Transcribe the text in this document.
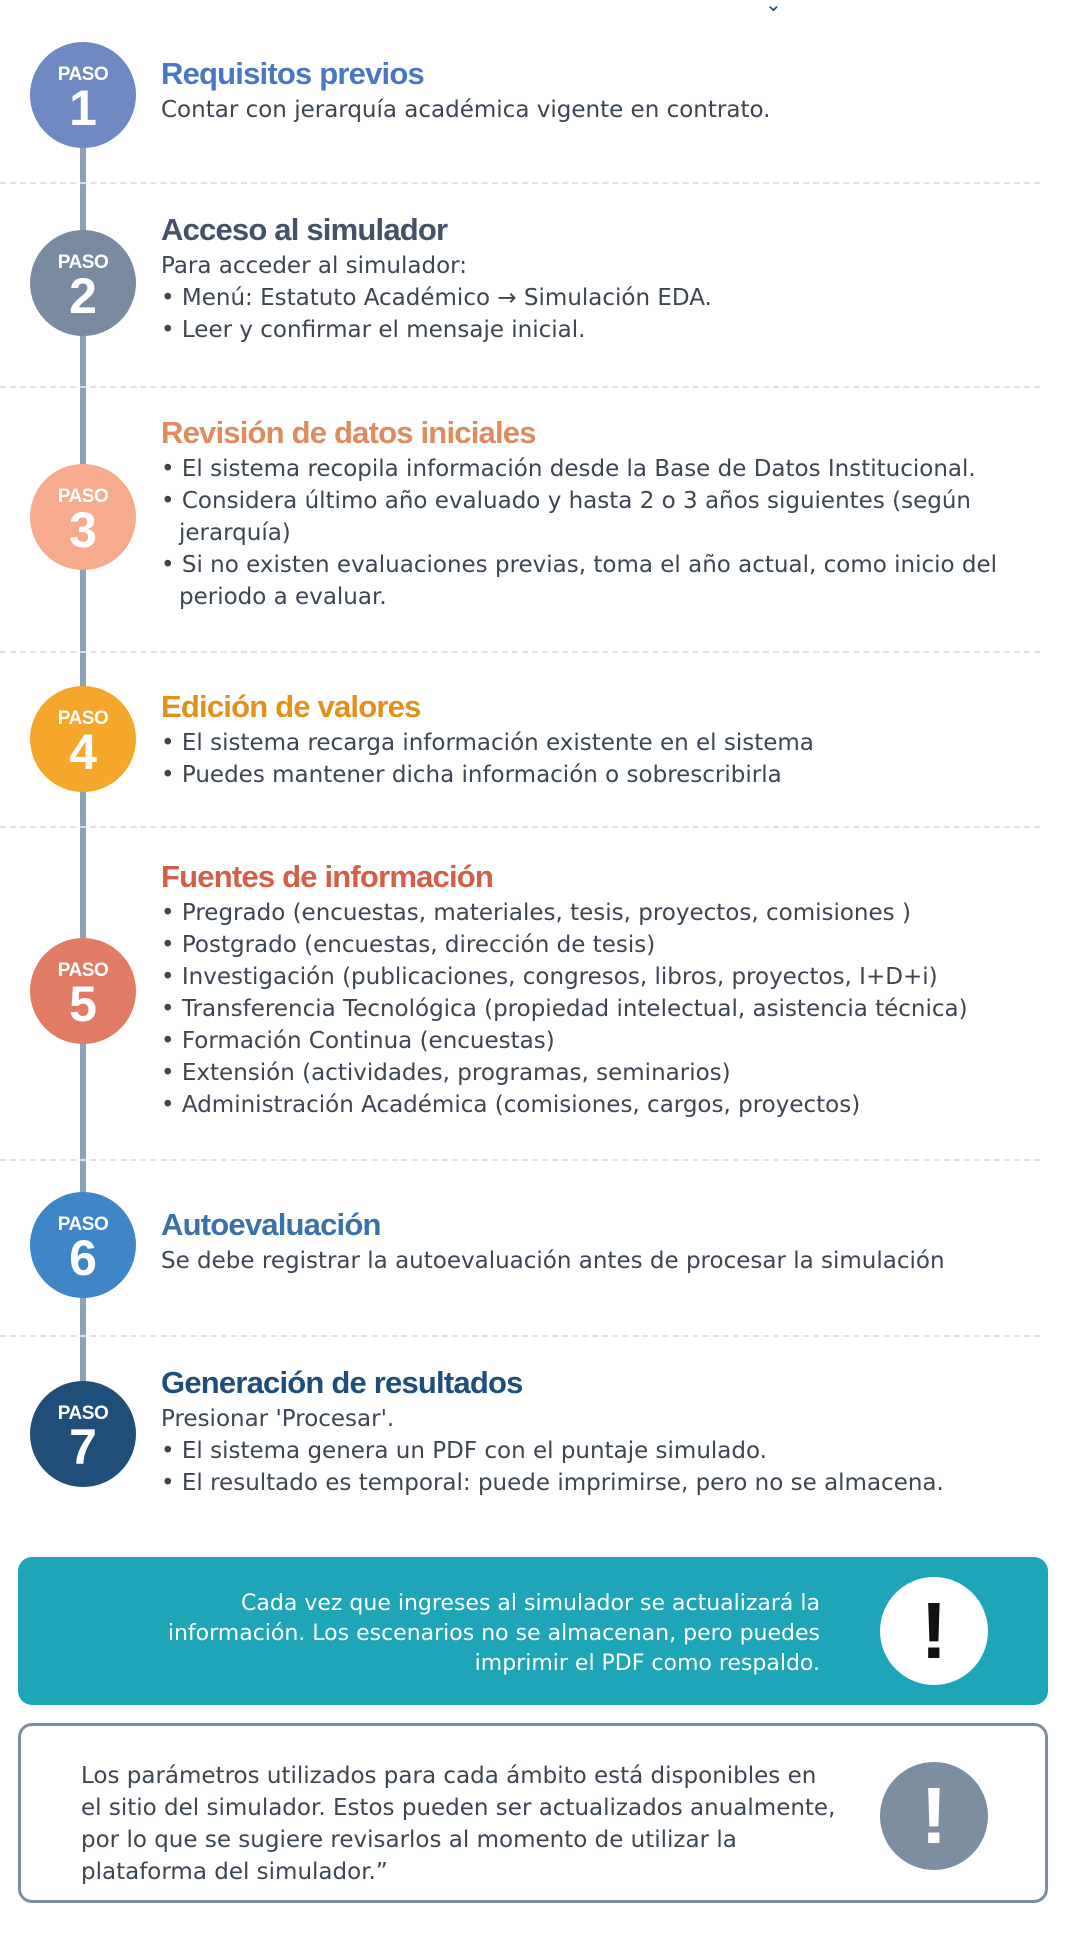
⌄
PASO
1
Requisitos previos

Contar con jerarquía académica vigente en contrato.

PASO
2
Acceso al simulador

Para acceder al simulador:

• Menú: Estatuto Académico → Simulación EDA.

• Leer y confirmar el mensaje inicial.

PASO
3
Revisión de datos iniciales

• El sistema recopila información desde la Base de Datos Institucional.

• Considera último año evaluado y hasta 2 o 3 años siguientes (según jerarquía)

• Si no existen evaluaciones previas, toma el año actual, como inicio del periodo a evaluar.

PASO
4
Edición de valores

• El sistema recarga información existente en el sistema

• Puedes mantener dicha información o sobrescribirla

PASO
5
Fuentes de información

• Pregrado (encuestas, materiales, tesis, proyectos, comisiones )

• Postgrado (encuestas, dirección de tesis)

• Investigación (publicaciones, congresos, libros, proyectos, I+D+i)

• Transferencia Tecnológica (propiedad intelectual, asistencia técnica)

• Formación Continua (encuestas)

• Extensión (actividades, programas, seminarios)

• Administración Académica (comisiones, cargos, proyectos)

PASO
6
Autoevaluación

Se debe registrar la autoevaluación antes de procesar la simulación

PASO
7
Generación de resultados

Presionar 'Procesar'.

• El sistema genera un PDF con el puntaje simulado.

• El resultado es temporal: puede imprimirse, pero no se almacena.

Cada vez que ingreses al simulador se actualizará la información. Los escenarios no se almacenan, pero puedes imprimir el PDF como respaldo.	!
Los parámetros utilizados para cada ámbito está disponibles en el sitio del simulador. Estos pueden ser actualizados anualmente, por lo que se sugiere revisarlos al momento de utilizar la plataforma del simulador.”
!
